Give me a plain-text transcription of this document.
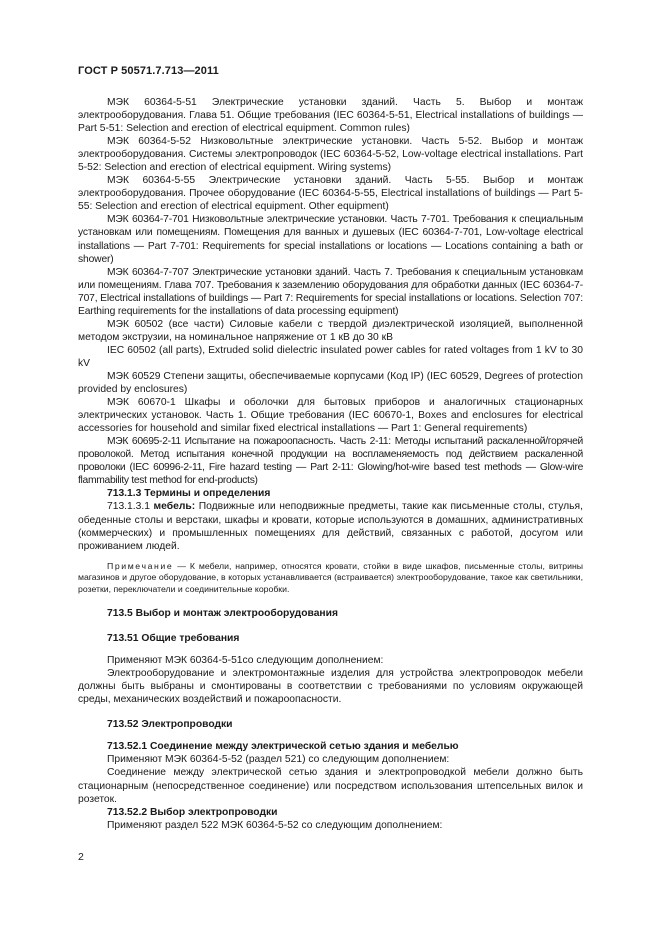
ГОСТ Р 50571.7.713—2011

МЭК 60364-5-51 Электрические установки зданий. Часть 5. Выбор и монтаж электрооборудования. Глава 51. Общие требования (IEC 60364-5-51, Electrical installations of buildings — Part 5-51: Selection and erection of electrical equipment. Common rules)

МЭК 60364-5-52 Низковольтные электрические установки. Часть 5-52. Выбор и монтаж электрооборудования. Системы электропроводок (IEC 60364-5-52, Low-voltage electrical installations. Part 5-52: Selection and erection of electrical equipment. Wiring systems)

МЭК 60364-5-55 Электрические установки зданий. Часть 5-55. Выбор и монтаж электрооборудования. Прочее оборудование (IEC 60364-5-55, Electrical installations of buildings — Part 5-55: Selection and erection of electrical equipment. Other equipment)

МЭК 60364-7-701 Низковольтные электрические установки. Часть 7-701. Требования к специальным установкам или помещениям. Помещения для ванных и душевых (IEC 60364-7-701, Low-voltage electrical installations — Part 7-701: Requirements for special installations or locations — Locations containing a bath or shower)

МЭК 60364-7-707 Электрические установки зданий. Часть 7. Требования к специальным установкам или помещениям. Глава 707. Требования к заземлению оборудования для обработки данных (IEC 60364-7-707, Electrical installations of buildings — Part 7: Requirements for special installations or locations. Selection 707: Earthing requirements for the installations of data processing equipment)

МЭК 60502 (все части) Силовые кабели с твердой диэлектрической изоляцией, выполненной методом экструзии, на номинальное напряжение от 1 кВ до 30 кВ

IEC 60502 (all parts), Extruded solid dielectric insulated power cables for rated voltages from 1 kV to 30 kV

МЭК 60529 Степени защиты, обеспечиваемые корпусами (Код IP) (IEC 60529, Degrees of protection provided by enclosures)

МЭК 60670-1 Шкафы и оболочки для бытовых приборов и аналогичных стационарных электрических установок. Часть 1. Общие требования (IEC 60670-1, Boxes and enclosures for electrical accessories for household and similar fixed electrical installations — Part 1: General requirements)

МЭК 60695-2-11 Испытание на пожароопасность. Часть 2-11: Методы испытаний раскаленной/горячей проволокой. Метод испытания конечной продукции на воспламеняемость под действием раскаленной проволоки (IEC 60996-2-11, Fire hazard testing — Part 2-11: Glowing/hot-wire based test methods — Glow-wire flammability test method for end-products)

713.1.3 Термины и определения

713.1.3.1 мебель: Подвижные или неподвижные предметы, такие как письменные столы, стулья, обеденные столы и верстаки, шкафы и кровати, которые используются в домашних, административных (коммерческих) и промышленных помещениях для действий, связанных с работой, досугом или проживанием людей.

Примечание — К мебели, например, относятся кровати, стойки в виде шкафов, письменные столы, витрины магазинов и другое оборудование, в которых устанавливается (встраивается) электрооборудование, такое как светильники, розетки, переключатели и соединительные коробки.

713.5 Выбор и монтаж электрооборудования

713.51 Общие требования

Применяют МЭК 60364-5-51со следующим дополнением:

Электрооборудование и электромонтажные изделия для устройства электропроводок мебели должны быть выбраны и смонтированы в соответствии с требованиями по условиям окружающей среды, механических воздействий и пожароопасности.

713.52 Электропроводки

713.52.1 Соединение между электрической сетью здания и мебелью

Применяют МЭК 60364-5-52 (раздел 521) со следующим дополнением:

Соединение между электрической сетью здания и электропроводкой мебели должно быть стационарным (непосредственное соединение) или посредством использования штепсельных вилок и розеток.

713.52.2 Выбор электропроводки

Применяют раздел 522 МЭК 60364-5-52 со следующим дополнением:

2
